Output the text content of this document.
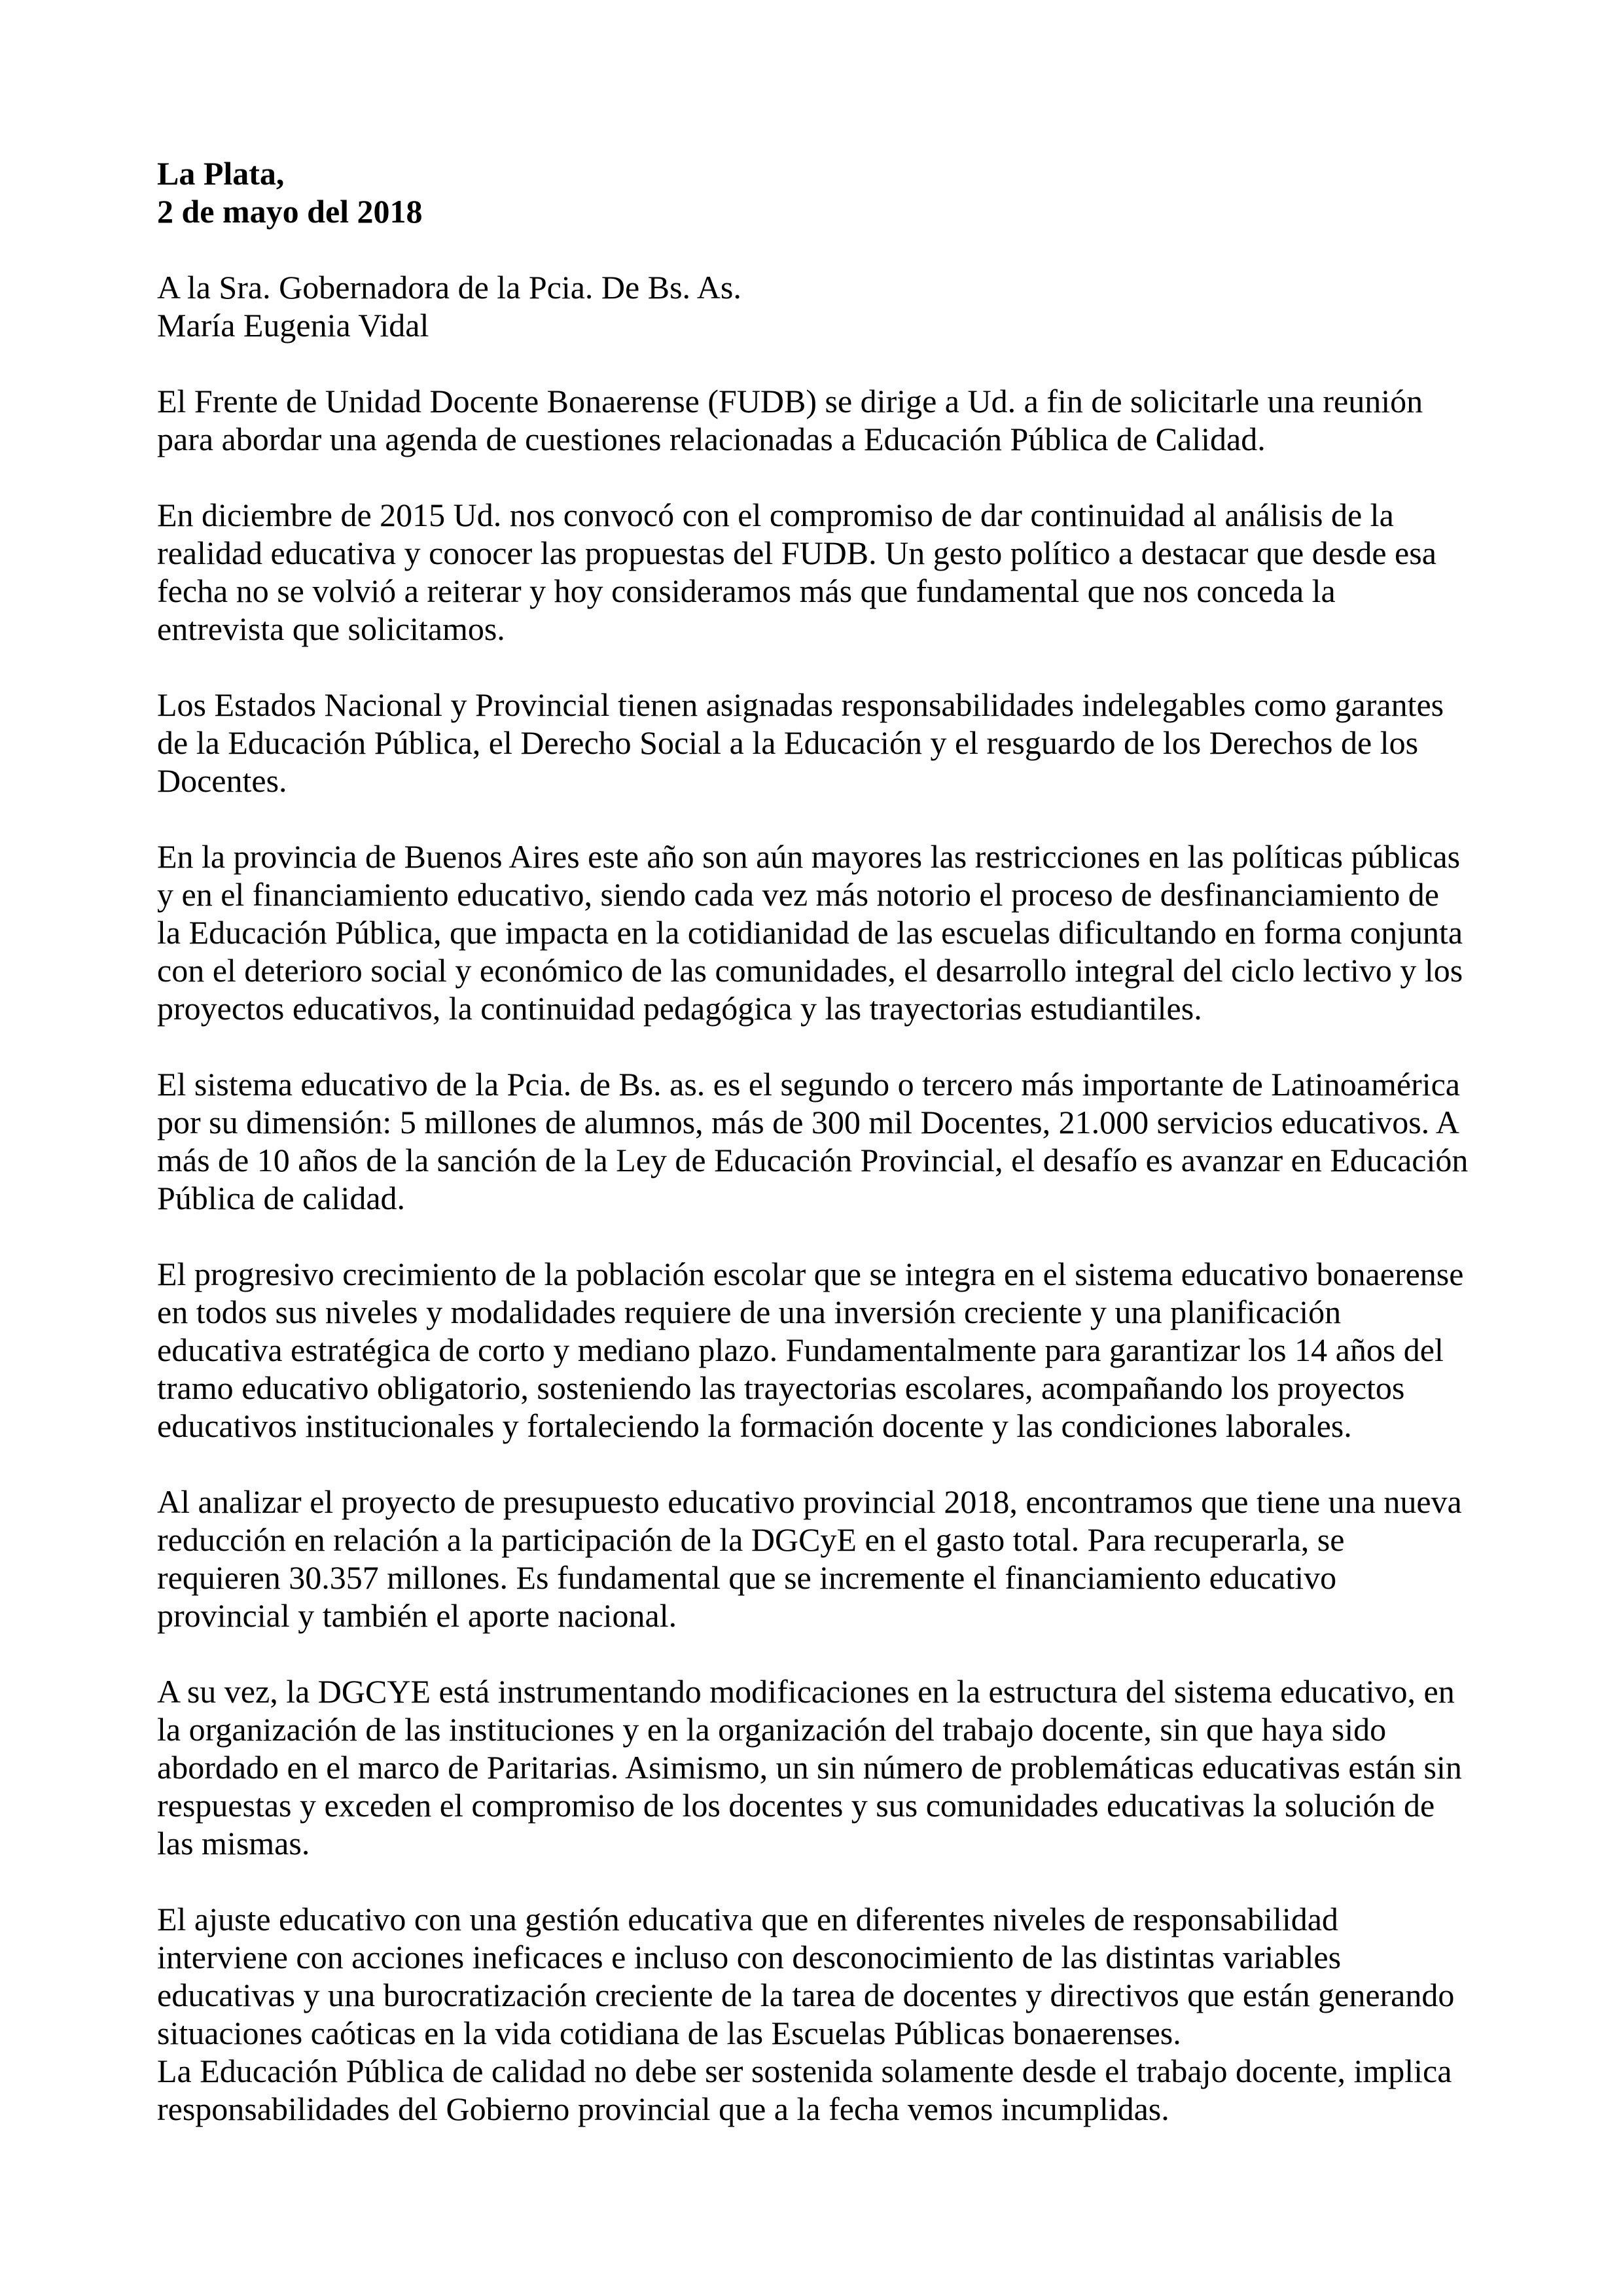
La Plata,
2 de mayo del 2018
A la Sra. Gobernadora de la Pcia. De Bs. As.
María Eugenia Vidal

El Frente de Unidad Docente Bonaerense (FUDB) se dirige a Ud. a fin de solicitarle una reunión para abordar una agenda de cuestiones relacionadas a Educación Pública de Calidad.

En diciembre de 2015 Ud. nos convocó con el compromiso de dar continuidad al análisis de la realidad educativa y conocer las propuestas del FUDB. Un gesto político a destacar que desde esa fecha no se volvió a reiterar y hoy consideramos más que fundamental que nos conceda la entrevista que solicitamos.

Los Estados Nacional y Provincial tienen asignadas responsabilidades indelegables como garantes de la Educación Pública, el Derecho Social a la Educación y el resguardo de los Derechos de los Docentes.

En la provincia de Buenos Aires este año son aún mayores las restricciones en las políticas públicas y en el financiamiento educativo, siendo cada vez más notorio el proceso de desfinanciamiento de la Educación Pública, que impacta en la cotidianidad de las escuelas dificultando en forma conjunta con el deterioro social y económico de las comunidades, el desarrollo integral del ciclo lectivo y los proyectos educativos, la continuidad pedagógica y las trayectorias estudiantiles.

El sistema educativo de la Pcia. de Bs. as. es el segundo o tercero más importante de Latinoamérica por su dimensión: 5 millones de alumnos, más de 300 mil Docentes, 21.000 servicios educativos. A más de 10 años de la sanción de la Ley de Educación Provincial, el desafío es avanzar en Educación Pública de calidad.

El progresivo crecimiento de la población escolar que se integra en el sistema educativo bonaerense en todos sus niveles y modalidades requiere de una inversión creciente y una planificación educativa estratégica de corto y mediano plazo. Fundamentalmente para garantizar los 14 años del tramo educativo obligatorio, sosteniendo las trayectorias escolares, acompañando los proyectos educativos institucionales y fortaleciendo la formación docente y las condiciones laborales.

Al analizar el proyecto de presupuesto educativo provincial 2018, encontramos que tiene una nueva reducción en relación a la participación de la DGCyE en el gasto total. Para recuperarla, se requieren 30.357 millones. Es fundamental que se incremente el financiamiento educativo provincial y también el aporte nacional.

A su vez, la DGCYE está instrumentando modificaciones en la estructura del sistema educativo, en la organización de las instituciones y en la organización del trabajo docente, sin que haya sido abordado en el marco de Paritarias. Asimismo, un sin número de problemáticas educativas están sin respuestas y exceden el compromiso de los docentes y sus comunidades educativas la solución de las mismas.

El ajuste educativo con una gestión educativa que en diferentes niveles de responsabilidad interviene con acciones ineficaces e incluso con desconocimiento de las distintas variables educativas y una burocratización creciente de la tarea de docentes y directivos que están generando situaciones caóticas en la vida cotidiana de las Escuelas Públicas bonaerenses.

La Educación Pública de calidad no debe ser sostenida solamente desde el trabajo docente, implica responsabilidades del Gobierno provincial que a la fecha vemos incumplidas.
